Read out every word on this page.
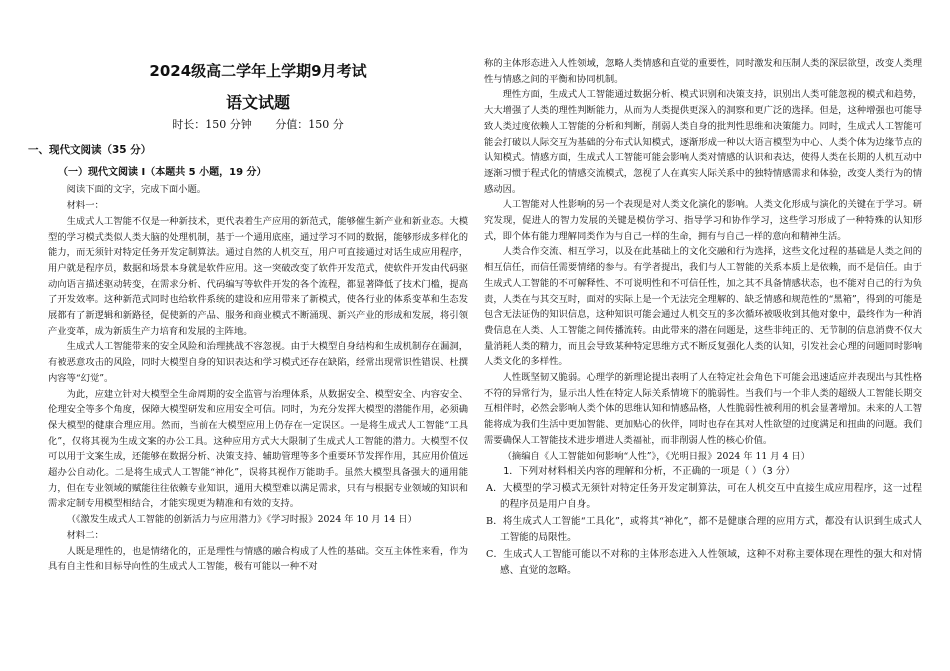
2024级高二学年上学期9月考试
语文试题
时长：150 分钟 分值：150 分
一、现代文阅读（35 分）
（一）现代文阅读 I（本题共 5 小题，19 分）

阅读下面的文字，完成下面小题。

材料一：

生成式人工智能不仅是一种新技术，更代表着生产应用的新范式，能够催生新产业和新业态。大模型的学习模式类似人类大脑的处理机制，基于一个通用底座，通过学习不同的数据，能够形成多样化的能力，而无须针对特定任务开发定制算法。通过自然的人机交互，用户可直接通过对话生成应用程序，用户就是程序员，数据和场景本身就是软件应用。这一突破改变了软件开发范式，使软件开发由代码驱动向语言描述驱动转变，在需求分析、代码编写等软件开发的各个流程，都显著降低了技术门槛，提高了开发效率。这种新范式同时也给软件系统的建设和应用带来了新模式，使各行业的体系变革和生态发展都有了新逻辑和新路径，促使新的产品、服务和商业模式不断涌现、新兴产业的形成和发展，将引领产业变革，成为新质生产力培育和发展的主阵地。

生成式人工智能带来的安全风险和治理挑战不容忽视。由于大模型自身结构和生成机制存在漏洞，有被恶意攻击的风险，同时大模型自身的知识表达和学习模式还存在缺陷，经常出现常识性错误、杜撰内容等“幻觉”。

为此，应建立针对大模型全生命周期的安全监管与治理体系，从数据安全、模型安全、内容安全、伦理安全等多个角度，保障大模型研发和应用安全可信。同时，为充分发挥大模型的潜能作用，必须确保大模型的健康合理应用。然而，当前在大模型应用上仍存在一定误区。一是将生成式人工智能“工具化”，仅将其视为生成文案的办公工具。这种应用方式大大限制了生成式人工智能的潜力。大模型不仅可以用于文案生成，还能够在数据分析、决策支持、辅助管理等多个重要环节发挥作用，其应用价值远超办公自动化。二是将生成式人工智能“神化”，误将其视作万能助手。虽然大模型具备强大的通用能力，但在专业领域的赋能往往依赖专业知识，通用大模型难以满足需求，只有与根据专业领域的知识和需求定制专用模型相结合，才能实现更为精准和有效的支持。

（《激发生成式人工智能的创新活力与应用潜力》《学习时报》2024 年 10 月 14 日）

材料二：

人既是理性的，也是情绪化的，正是理性与情感的融合构成了人性的基础。交互主体性来看，作为具有自主性和目标导向性的生成式人工智能，极有可能以一种不对

称的主体形态进入人性领域，忽略人类情感和直觉的重要性，同时激发和压制人类的深层欲望，改变人类理性与情感之间的平衡和协同机制。

理性方面，生成式人工智能通过数据分析、模式识别和决策支持，识别出人类可能忽视的模式和趋势，大大增强了人类的理性判断能力，从而为人类提供更深入的洞察和更广泛的选择。但是，这种增强也可能导致人类过度依赖人工智能的分析和判断，削弱人类自身的批判性思维和决策能力。同时，生成式人工智能可能会打破以人际交互为基础的分布式认知模式，逐渐形成一种以大语言模型为中心、人类个体为边缘节点的认知模式。情感方面，生成式人工智能可能会影响人类对情感的认识和表达，使得人类在长期的人机互动中逐渐习惯于程式化的情感交流模式，忽视了人在真实人际关系中的独特情感需求和体验，改变人类行为的情感动因。

人工智能对人性影响的另一个表现是对人类文化演化的影响。人类文化形成与演化的关键在于学习。研究发现，促进人的智力发展的关键是模仿学习、指导学习和协作学习，这些学习形成了一种特殊的认知形式，即个体有能力理解同类作为与自己一样的生命，拥有与自己一样的意向和精神生活。

人类合作交流、相互学习，以及在此基础上的文化交融和行为选择，这些文化过程的基础是人类之间的相互信任，而信任需要情绪的参与。有学者提出，我们与人工智能的关系本质上是依赖，而不是信任。由于生成式人工智能的不可解释性、不可说明性和不可信任性，加之其不具备情感状态，也不能对自己的行为负责，人类在与其交互时，面对的实际上是一个无法完全理解的、缺乏情感和规范性的“黑箱”，得到的可能是包含无法证伪的知识信息，这种知识可能会通过人机交互的多次循环被吸收到其他对象中，最终作为一种消费信息在人类、人工智能之间传播流转。由此带来的潜在问题是，这些非纯正的、无节制的信息消费不仅大量消耗人类的精力，而且会导致某种特定思维方式不断反复强化人类的认知，引发社会心理的问题同时影响人类文化的多样性。

人性既坚韧又脆弱。心理学的新理论提出表明了人在特定社会角色下可能会迅速适应并表现出与其性格不符的异常行为，显示出人性在特定人际关系情境下的脆弱性。当我们与一个非人类的超级人工智能长期交互相伴时，必然会影响人类个体的思维认知和情感品格，人性脆弱性被利用的机会显著增加。未来的人工智能将成为我们生活中更加智能、更加贴心的伙伴，同时也存在其对人性欲望的过度满足和扭曲的问题。我们需要确保人工智能技术进步增进人类福祉，而非削弱人性的核心价值。

（摘编自《人工智能如何影响“人性”》，《光明日报》2024 年 11 月 4 日）

1．下列对材料相关内容的理解和分析，不正确的一项是（ ）（3 分）

A．大模型的学习模式无须针对特定任务开发定制算法，可在人机交互中直接生成应用程序，这一过程的程序员是用户自身。

B．将生成式人工智能“工具化”，或将其“神化”，都不是健康合理的应用方式，都没有认识到生成式人工智能的局限性。

C．生成式人工智能可能以不对称的主体形态进入人性领域，这种不对称主要体现在理性的强大和对情感、直觉的忽略。
